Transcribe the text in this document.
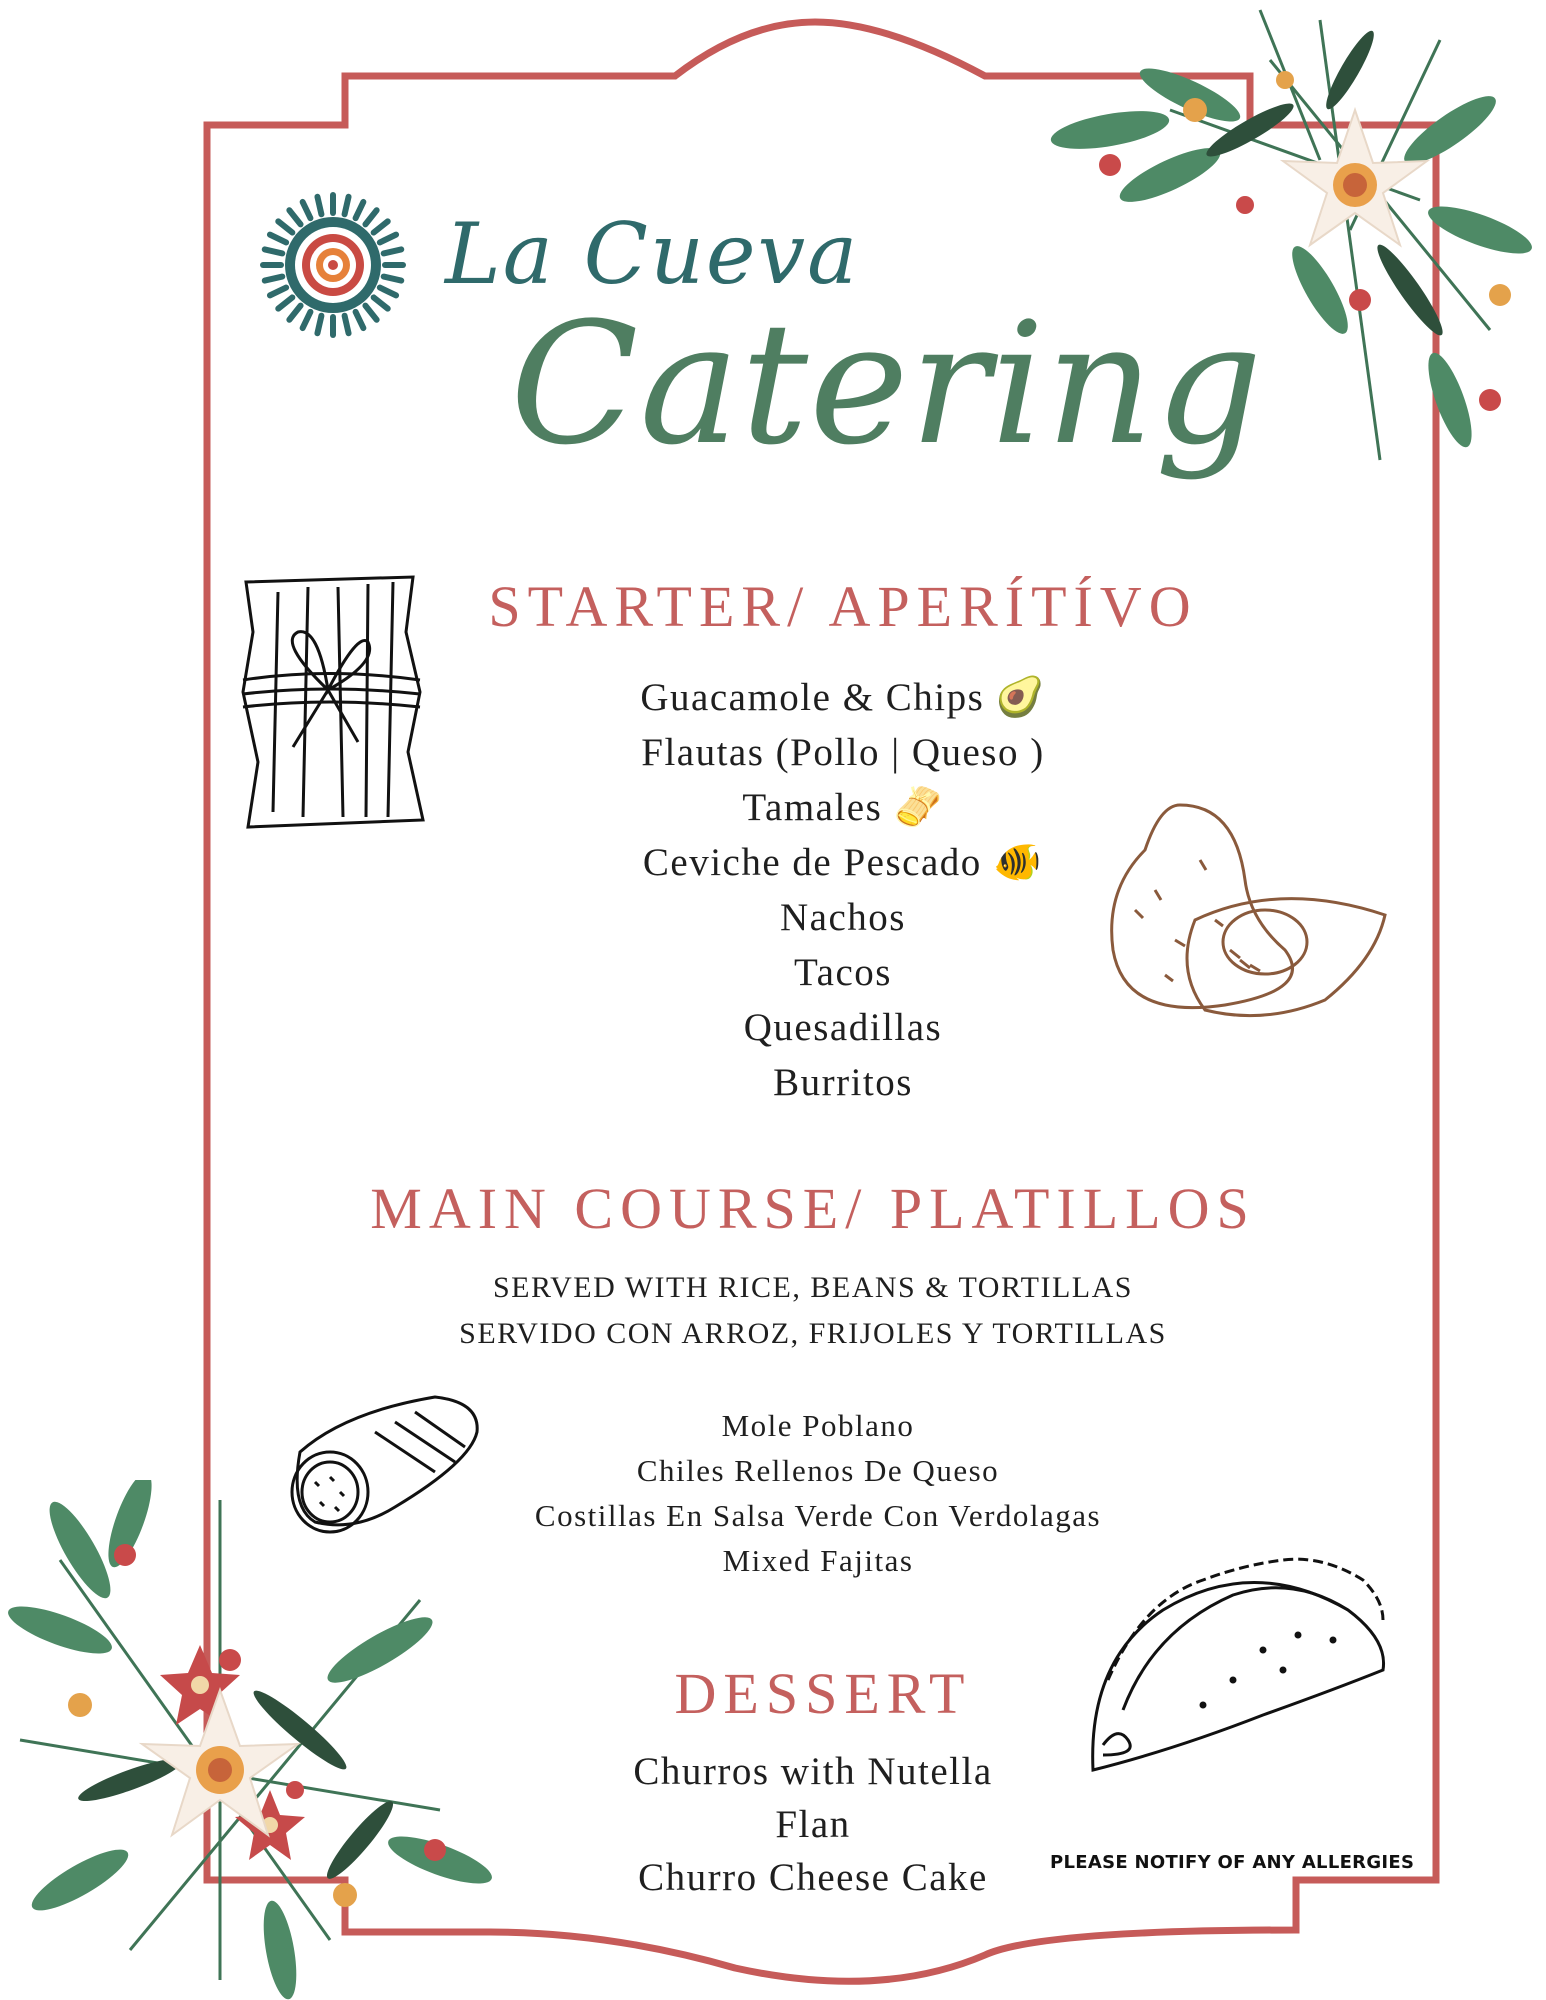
La Cueva
Catering
STARTER/ APERÍTÍVO
Guacamole & Chips 🥑
Flautas (Pollo | Queso )
Tamales 🫔
Ceviche de Pescado 🐠
Nachos
Tacos
Quesadillas
Burritos
MAIN COURSE/ PLATILLOS
SERVED WITH RICE, BEANS & TORTILLAS
SERVIDO CON ARROZ, FRIJOLES Y TORTILLAS
Mole Poblano
Chiles Rellenos De Queso
Costillas En Salsa Verde Con Verdolagas
Mixed Fajitas
DESSERT
Churros with Nutella
Flan
Churro Cheese Cake	PLEASE NOTIFY OF ANY ALLERGIES
